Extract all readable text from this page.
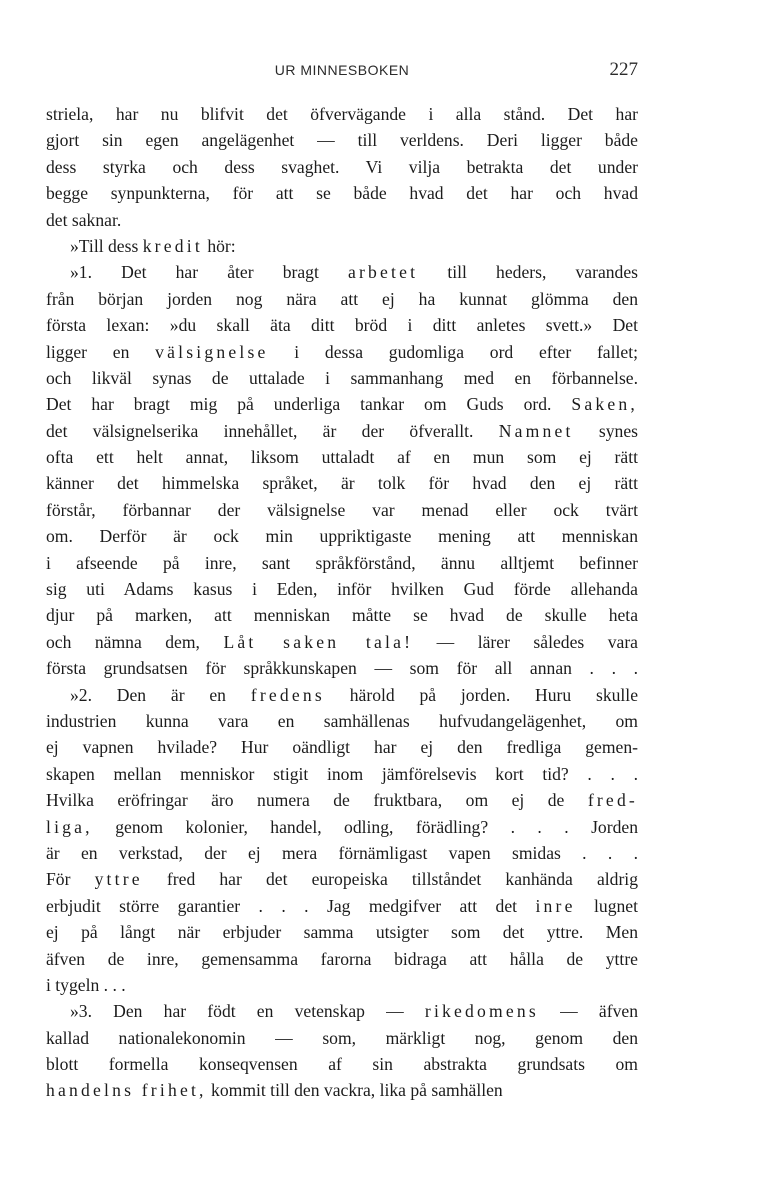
UR MINNESBOKEN	227
striela, har nu blifvit det öfvervägande i alla stånd. Det har
gjort sin egen angelägenhet — till verldens. Deri ligger både
dess styrka och dess svaghet. Vi vilja betrakta det under
begge synpunkterna, för att se både hvad det har och hvad
det saknar.
»Till dess kredit hör:
»1. Det har åter bragt arbetet till heders, varandes
från början jorden nog nära att ej ha kunnat glömma den
första lexan: »du skall äta ditt bröd i ditt anletes svett.» Det
ligger en välsignelse i dessa gudomliga ord efter fallet;
och likväl synas de uttalade i sammanhang med en förbannelse.
Det har bragt mig på underliga tankar om Guds ord. Saken,
det välsignelserika innehållet, är der öfverallt. Namnet synes
ofta ett helt annat, liksom uttaladt af en mun som ej rätt
känner det himmelska språket, är tolk för hvad den ej rätt
förstår, förbannar der välsignelse var menad eller ock tvärt
om. Derför är ock min uppriktigaste mening att menniskan
i afseende på inre, sant språkförstånd, ännu alltjemt befinner
sig uti Adams kasus i Eden, inför hvilken Gud förde allehanda
djur på marken, att menniskan måtte se hvad de skulle heta
och nämna dem, Låt saken tala! — lärer således vara
första grundsatsen för språkkunskapen — som för all annan . . .
»2. Den är en fredens härold på jorden. Huru skulle
industrien kunna vara en samhällenas hufvudangelägenhet, om
ej vapnen hvilade? Hur oändligt har ej den fredliga gemen-
skapen mellan menniskor stigit inom jämförelsevis kort tid? . . .
Hvilka eröfringar äro numera de fruktbara, om ej de fred-
liga, genom kolonier, handel, odling, förädling? . . . Jorden
är en verkstad, der ej mera förnämligast vapen smidas . . .
För yttre fred har det europeiska tillståndet kanhända aldrig
erbjudit större garantier . . . Jag medgifver att det inre lugnet
ej på långt när erbjuder samma utsigter som det yttre. Men
äfven de inre, gemensamma farorna bidraga att hålla de yttre
i tygeln . . .
»3. Den har födt en vetenskap — rikedomens — äfven
kallad nationalekonomin — som, märkligt nog, genom den
blott formella konseqvensen af sin abstrakta grundsats om
handelns frihet, kommit till den vackra, lika på samhällen
